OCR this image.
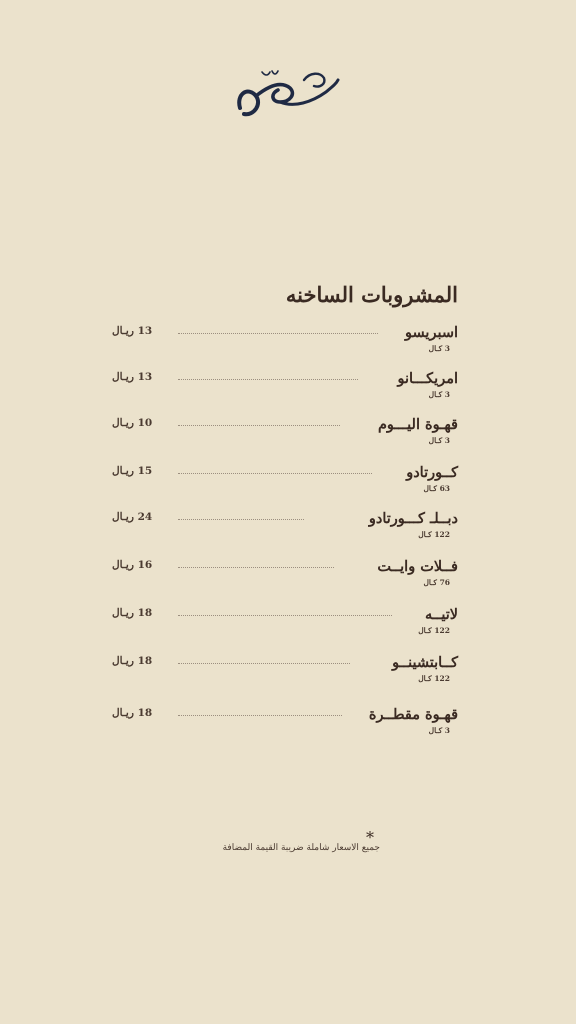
المشروبات الساخنه
اسبريسو
13 ريـال
3 كـال
امريكـــانو
13 ريـال
3 كـال
قهـوة اليـــوم
10 ريـال
3 كـال
كــورتادو
15 ريـال
63 كـال
دبــلـ كـــورتادو
24 ريـال
122 كـال
فــلات وايــت
16 ريـال
76 كـال
لاتيــه
18 ريـال
122 كـال
كــابتشينــو
18 ريـال
122 كـال
قهـوة مقطــرة
18 ريـال
3 كـال
*
جميع الاسعار شاملة ضريبة القيمة المضافة
